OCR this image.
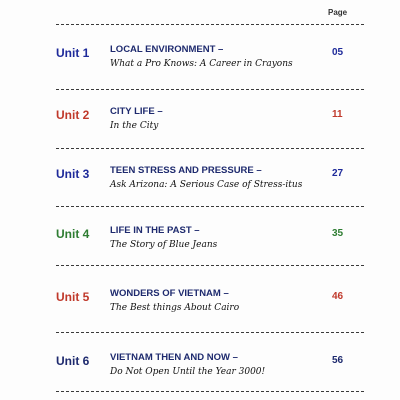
Page
Unit 1 LOCAL ENVIRONMENT –
What a Pro Knows: A Career in Crayons
05
Unit 2 CITY LIFE –
In the City
11
Unit 3 TEEN STRESS AND PRESSURE –
Ask Arizona: A Serious Case of Stress-itus
27
Unit 4 LIFE IN THE PAST –
The Story of Blue Jeans
35
Unit 5 WONDERS OF VIETNAM –
The Best things About Cairo
46
Unit 6 VIETNAM THEN AND NOW –
Do Not Open Until the Year 3000!
56
